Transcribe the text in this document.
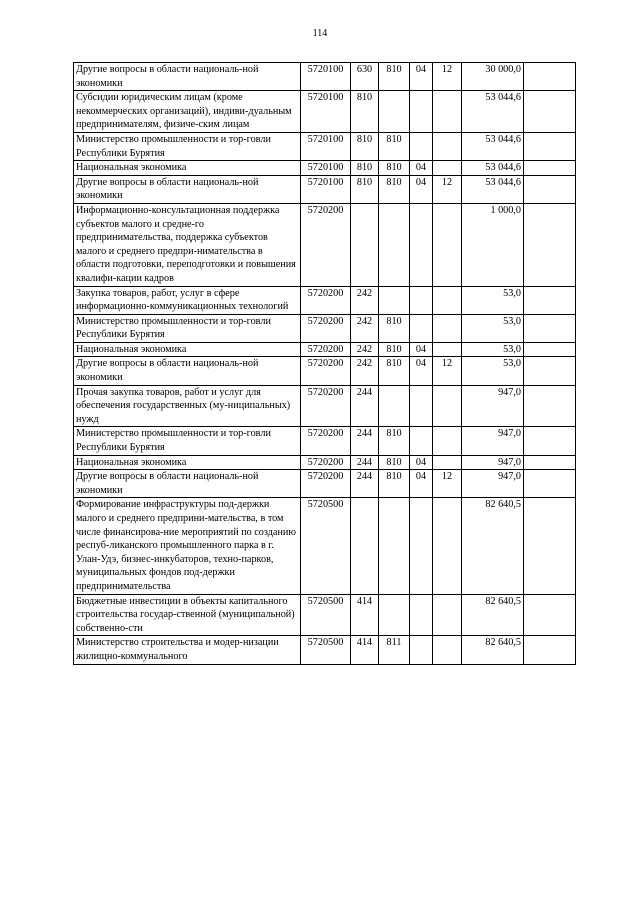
114
Другие вопросы в области националь-ной экономики	5720100	630	810	04	12	30 000,0	
Субсидии юридическим лицам (кроме некоммерческих организаций), индиви-дуальным предпринимателям, физиче-ским лицам	5720100	810				53 044,6	
Министерство промышленности и тор-говли Республики Бурятия	5720100	810	810			53 044,6	
Национальная экономика	5720100	810	810	04		53 044,6	
Другие вопросы в области националь-ной экономики	5720100	810	810	04	12	53 044,6	
Информационно-консультационная поддержка субъектов малого и средне-го предпринимательства, поддержка субъектов малого и среднего предпри-нимательства в области подготовки, переподготовки и повышения квалифи-кации кадров	5720200					1 000,0	
Закупка товаров, работ, услуг в сфере информационно-коммуникационных технологий	5720200	242				53,0	
Министерство промышленности и тор-говли Республики Бурятия	5720200	242	810			53,0	
Национальная экономика	5720200	242	810	04		53,0	
Другие вопросы в области националь-ной экономики	5720200	242	810	04	12	53,0	
Прочая закупка товаров, работ и услуг для обеспечения государственных (му-ниципальных) нужд	5720200	244				947,0	
Министерство промышленности и тор-говли Республики Бурятия	5720200	244	810			947,0	
Национальная экономика	5720200	244	810	04		947,0	
Другие вопросы в области националь-ной экономики	5720200	244	810	04	12	947,0	
Формирование инфраструктуры под-держки малого и среднего предприни-мательства, в том числе финансирова-ние мероприятий по созданию респуб-ликанского промышленного парка в г. Улан-Удэ, бизнес-инкубаторов, техно-парков, муниципальных фондов под-держки предпринимательства	5720500					82 640,5	
Бюджетные инвестиции в объекты капитального строительства государ-ственной (муниципальной) собственно-сти	5720500	414				82 640,5	
Министерство строительства и модер-низации жилищно-коммунального	5720500	414	811			82 640,5	
